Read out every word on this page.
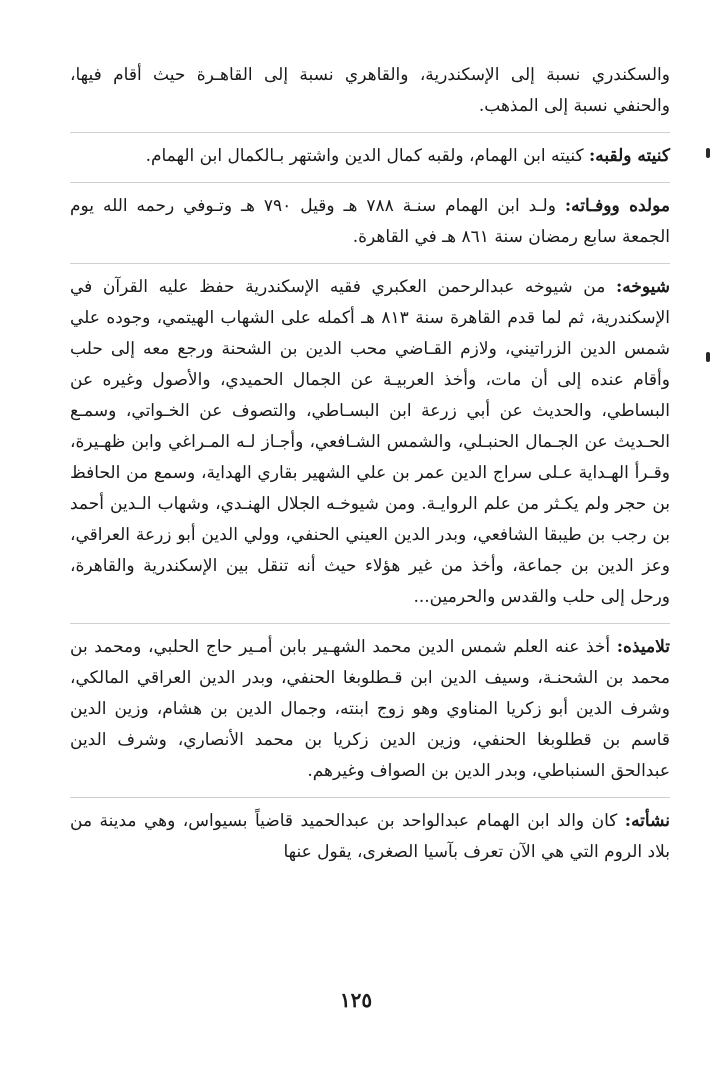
والسكندري نسبة إلى الإسكندرية، والقاهري نسبة إلى القاهـرة حيث أقام فيها، والحنفي نسبة إلى المذهب.

كنيته ولقبه: كنيته ابن الهمام، ولقبه كمال الدين واشتهر بـالكمال ابن الهمام.

مولده ووفـاته: ولـد ابن الهمام سنـة ٧٨٨ هـ وقيل ٧٩٠ هـ وتـوفي رحمه الله يوم الجمعة سابع رمضان سنة ٨٦١ هـ في القاهرة.

شيوخه: من شيوخه عبدالرحمن العكبري فقيه الإسكندرية حفظ عليه القرآن في الإسكندرية، ثم لما قدم القاهرة سنة ٨١٣ هـ أكمله على الشهاب الهيتمي، وجوده علي شمس الدين الزراتيني، ولازم القـاضي محب الدين بن الشحنة ورجع معه إلى حلب وأقام عنده إلى أن مات، وأخذ العربيـة عن الجمال الحميدي، والأصول وغيره عن البساطي، والحديث عن أبي زرعة ابن البسـاطي، والتصوف عن الخـواتي، وسمـع الحـديث عن الجـمال الحنبـلي، والشمس الشـافعي، وأجـاز لـه المـراغي وابن ظهـيرة، وقـرأ الهـداية عـلى سراج الدين عمر بن علي الشهير بقاري الهداية، وسمع من الحافظ بن حجر ولم يكـثر من علم الروايـة. ومن شيوخـه الجلال الهنـدي، وشهاب الـدين أحمد بن رجب بن طيبقا الشافعي، وبدر الدين العيني الحنفي، وولي الدين أبو زرعة العراقي، وعز الدين بن جماعة، وأخذ من غير هؤلاء حيث أنه تنقل بين الإسكندرية والقاهرة، ورحل إلى حلب والقدس والحرمين...

تلاميذه: أخذ عنه العلم شمس الدين محمد الشهـير بابن أمـير حاج الحلبي، ومحمد بن محمد بن الشحنـة، وسيف الدين ابن قـطلوبغا الحنفي، وبدر الدين العراقي المالكي، وشرف الدين أبو زكريا المناوي وهو زوج ابنته، وجمال الدين بن هشام، وزين الدين قاسم بن قطلوبغا الحنفي، وزين الدين زكريا بن محمد الأنصاري، وشرف الدين عبدالحق السنباطي، وبدر الدين بن الصواف وغيرهم.

نشأته: كان والد ابن الهمام عبدالواحد بن عبدالحميد قاضياً بسيواس، وهي مدينة من بلاد الروم التي هي الآن تعرف بآسيا الصغرى، يقول عنها

١٢٥
